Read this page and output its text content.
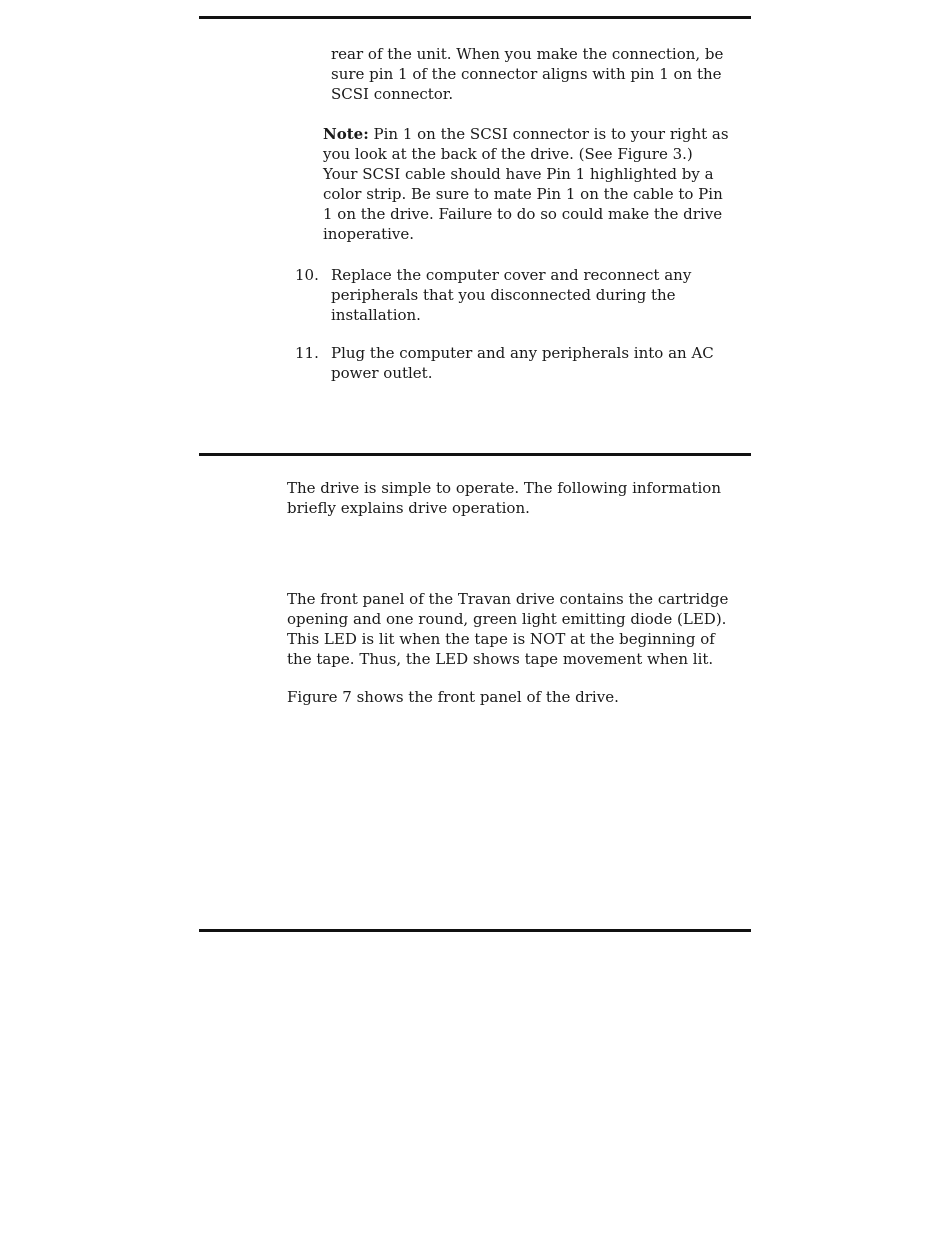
rear of the unit. When you make the connection, be
sure pin 1 of the connector aligns with pin 1 on the
SCSI connector.

Note: Pin 1 on the SCSI connector is to your right as
you look at the back of the drive. (See Figure 3.)
Your SCSI cable should have Pin 1 highlighted by a
color strip. Be sure to mate Pin 1 on the cable to Pin
1 on the drive. Failure to do so could make the drive
inoperative.

10. Replace the computer cover and reconnect any
peripherals that you disconnected during the
installation.
11. Plug the computer and any peripherals into an AC
power outlet.

The drive is simple to operate. The following information
briefly explains drive operation.

The front panel of the Travan drive contains the cartridge
opening and one round, green light emitting diode (LED).
This LED is lit when the tape is NOT at the beginning of
the tape. Thus, the LED shows tape movement when lit.

Figure 7 shows the front panel of the drive.
